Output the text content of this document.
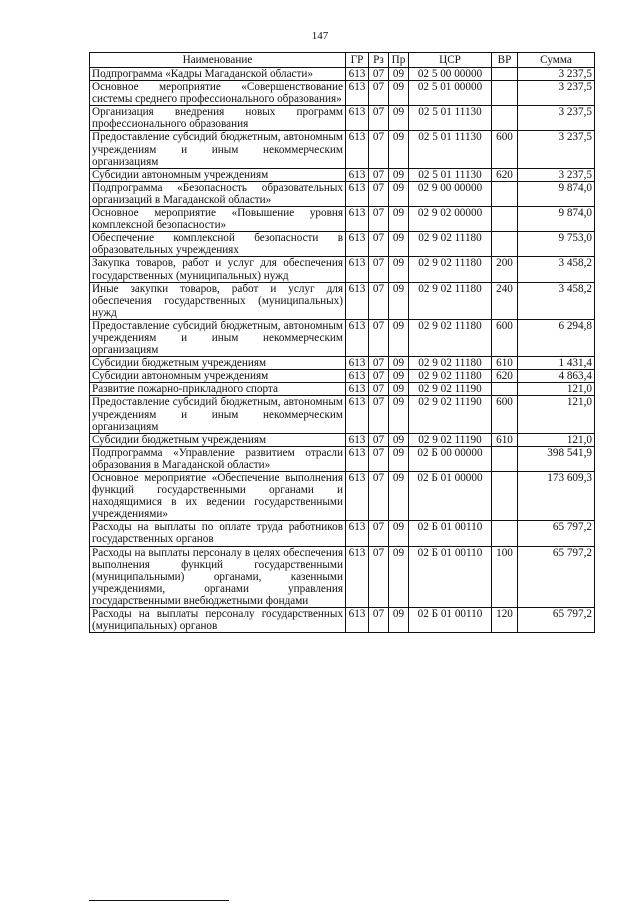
147
Наименование	ГР	Рз	Пр	ЦСР	ВР	Сумма
Подпрограмма «Кадры Магаданской области»	613	07	09	02 5 00 00000		3 237,5
Основное мероприятие «Совершенствование системы среднего профессионального образования»	613	07	09	02 5 01 00000		3 237,5
Организация внедрения новых программ профессионального образования	613	07	09	02 5 01 11130		3 237,5
Предоставление субсидий бюджетным, автономным учреждениям и иным некоммерческим организациям	613	07	09	02 5 01 11130	600	3 237,5
Субсидии автономным учреждениям	613	07	09	02 5 01 11130	620	3 237,5
Подпрограмма «Безопасность образовательных организаций в Магаданской области»	613	07	09	02 9 00 00000		9 874,0
Основное мероприятие «Повышение уровня комплексной безопасности»	613	07	09	02 9 02 00000		9 874,0
Обеспечение комплексной безопасности в образовательных учреждениях	613	07	09	02 9 02 11180		9 753,0
Закупка товаров, работ и услуг для обеспечения государственных (муниципальных) нужд	613	07	09	02 9 02 11180	200	3 458,2
Иные закупки товаров, работ и услуг для обеспечения государственных (муниципальных) нужд	613	07	09	02 9 02 11180	240	3 458,2
Предоставление субсидий бюджетным, автономным учреждениям и иным некоммерческим организациям	613	07	09	02 9 02 11180	600	6 294,8
Субсидии бюджетным учреждениям	613	07	09	02 9 02 11180	610	1 431,4
Субсидии автономным учреждениям	613	07	09	02 9 02 11180	620	4 863,4
Развитие пожарно-прикладного спорта	613	07	09	02 9 02 11190		121,0
Предоставление субсидий бюджетным, автономным учреждениям и иным некоммерческим организациям	613	07	09	02 9 02 11190	600	121,0
Субсидии бюджетным учреждениям	613	07	09	02 9 02 11190	610	121,0
Подпрограмма «Управление развитием отрасли образования в Магаданской области»	613	07	09	02 Б 00 00000		398 541,9
Основное мероприятие «Обеспечение выполнения функций государственными органами и находящимися в их ведении государственными учреждениями»	613	07	09	02 Б 01 00000		173 609,3
Расходы на выплаты по оплате труда работников государственных органов	613	07	09	02 Б 01 00110		65 797,2
Расходы на выплаты персоналу в целях обеспечения выполнения функций государственными (муниципальными) органами, казенными учреждениями, органами управления государственными внебюджетными фондами	613	07	09	02 Б 01 00110	100	65 797,2
Расходы на выплаты персоналу государственных (муниципальных) органов	613	07	09	02 Б 01 00110	120	65 797,2
